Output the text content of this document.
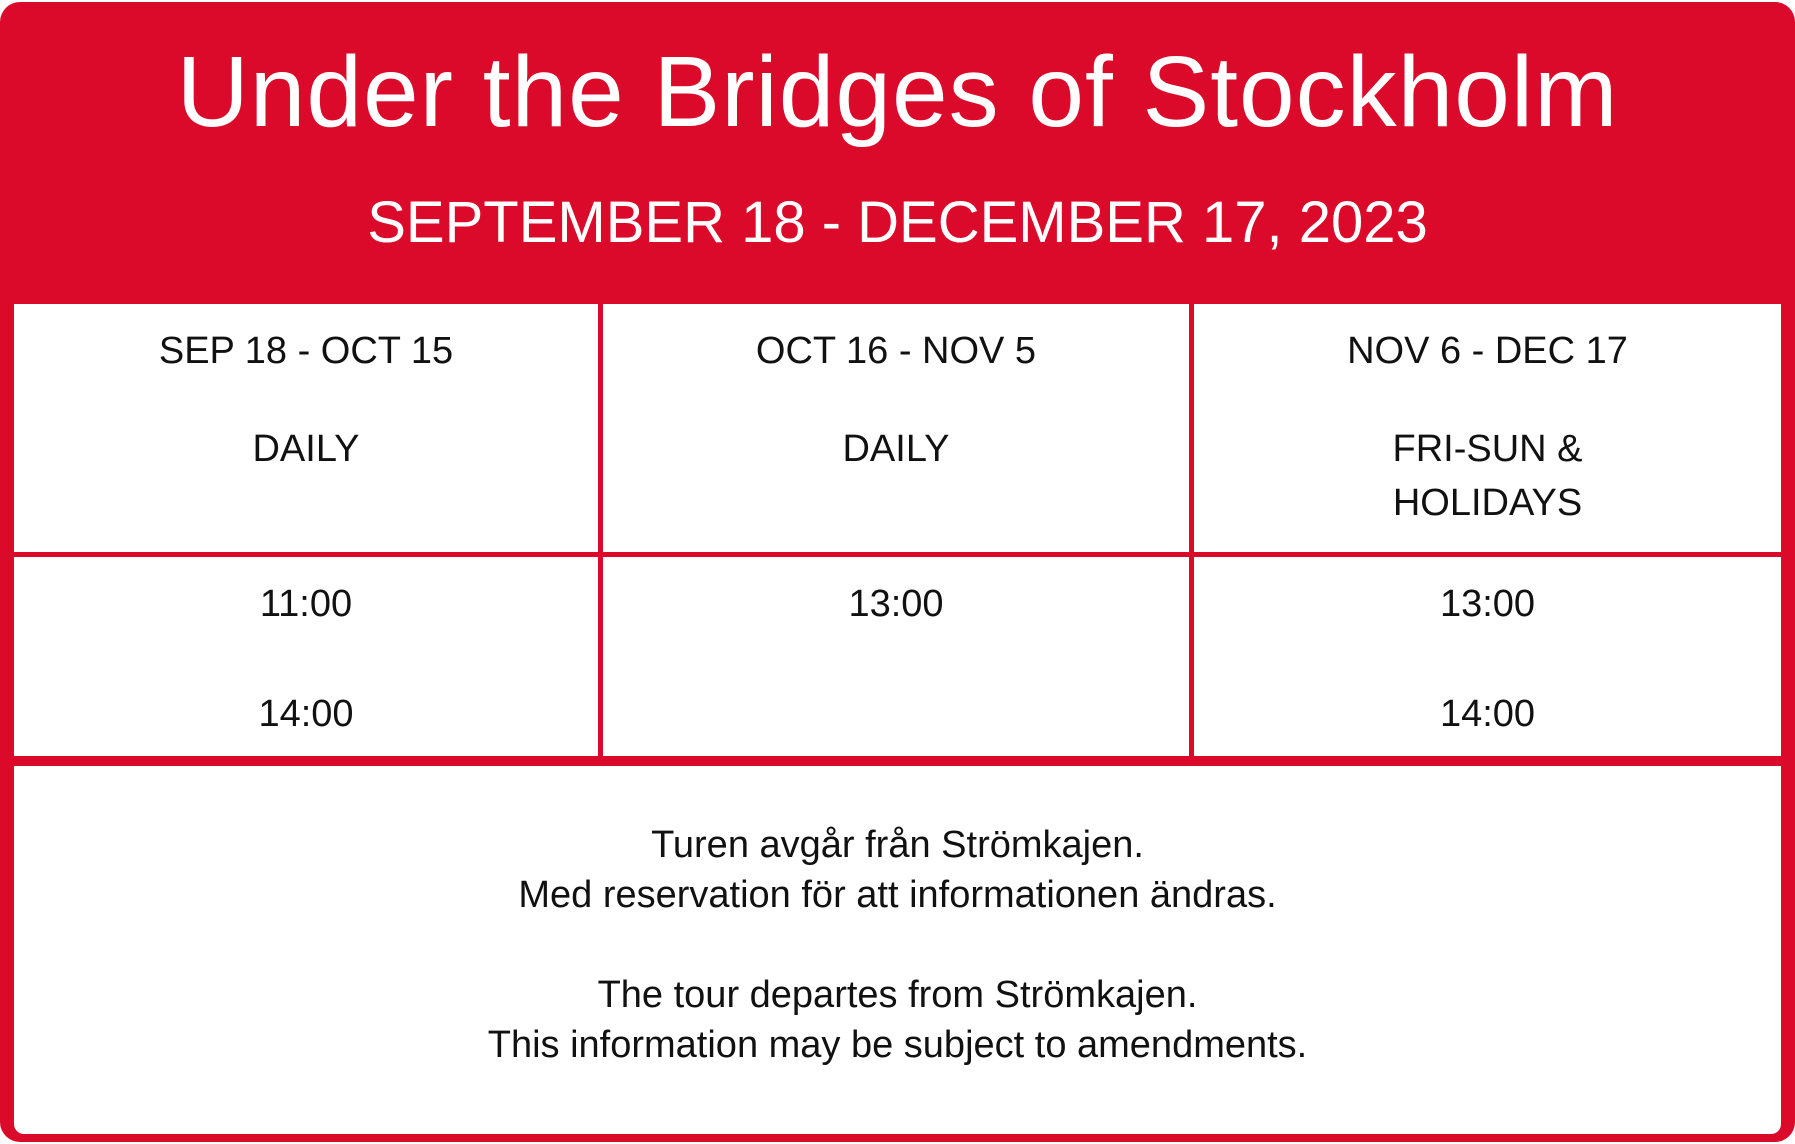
Under the Bridges of Stockholm
SEPTEMBER 18 - DECEMBER 17, 2023
SEP 18 - OCT 15
DAILY
OCT 16 - NOV 5
DAILY
NOV 6 - DEC 17
FRI-SUN &
HOLIDAYS
11:00
14:00
13:00	13:00
14:00
Turen avgår från Strömkajen.
Med reservation för att informationen ändras.
The tour departes from Strömkajen.
This information may be subject to amendments.
